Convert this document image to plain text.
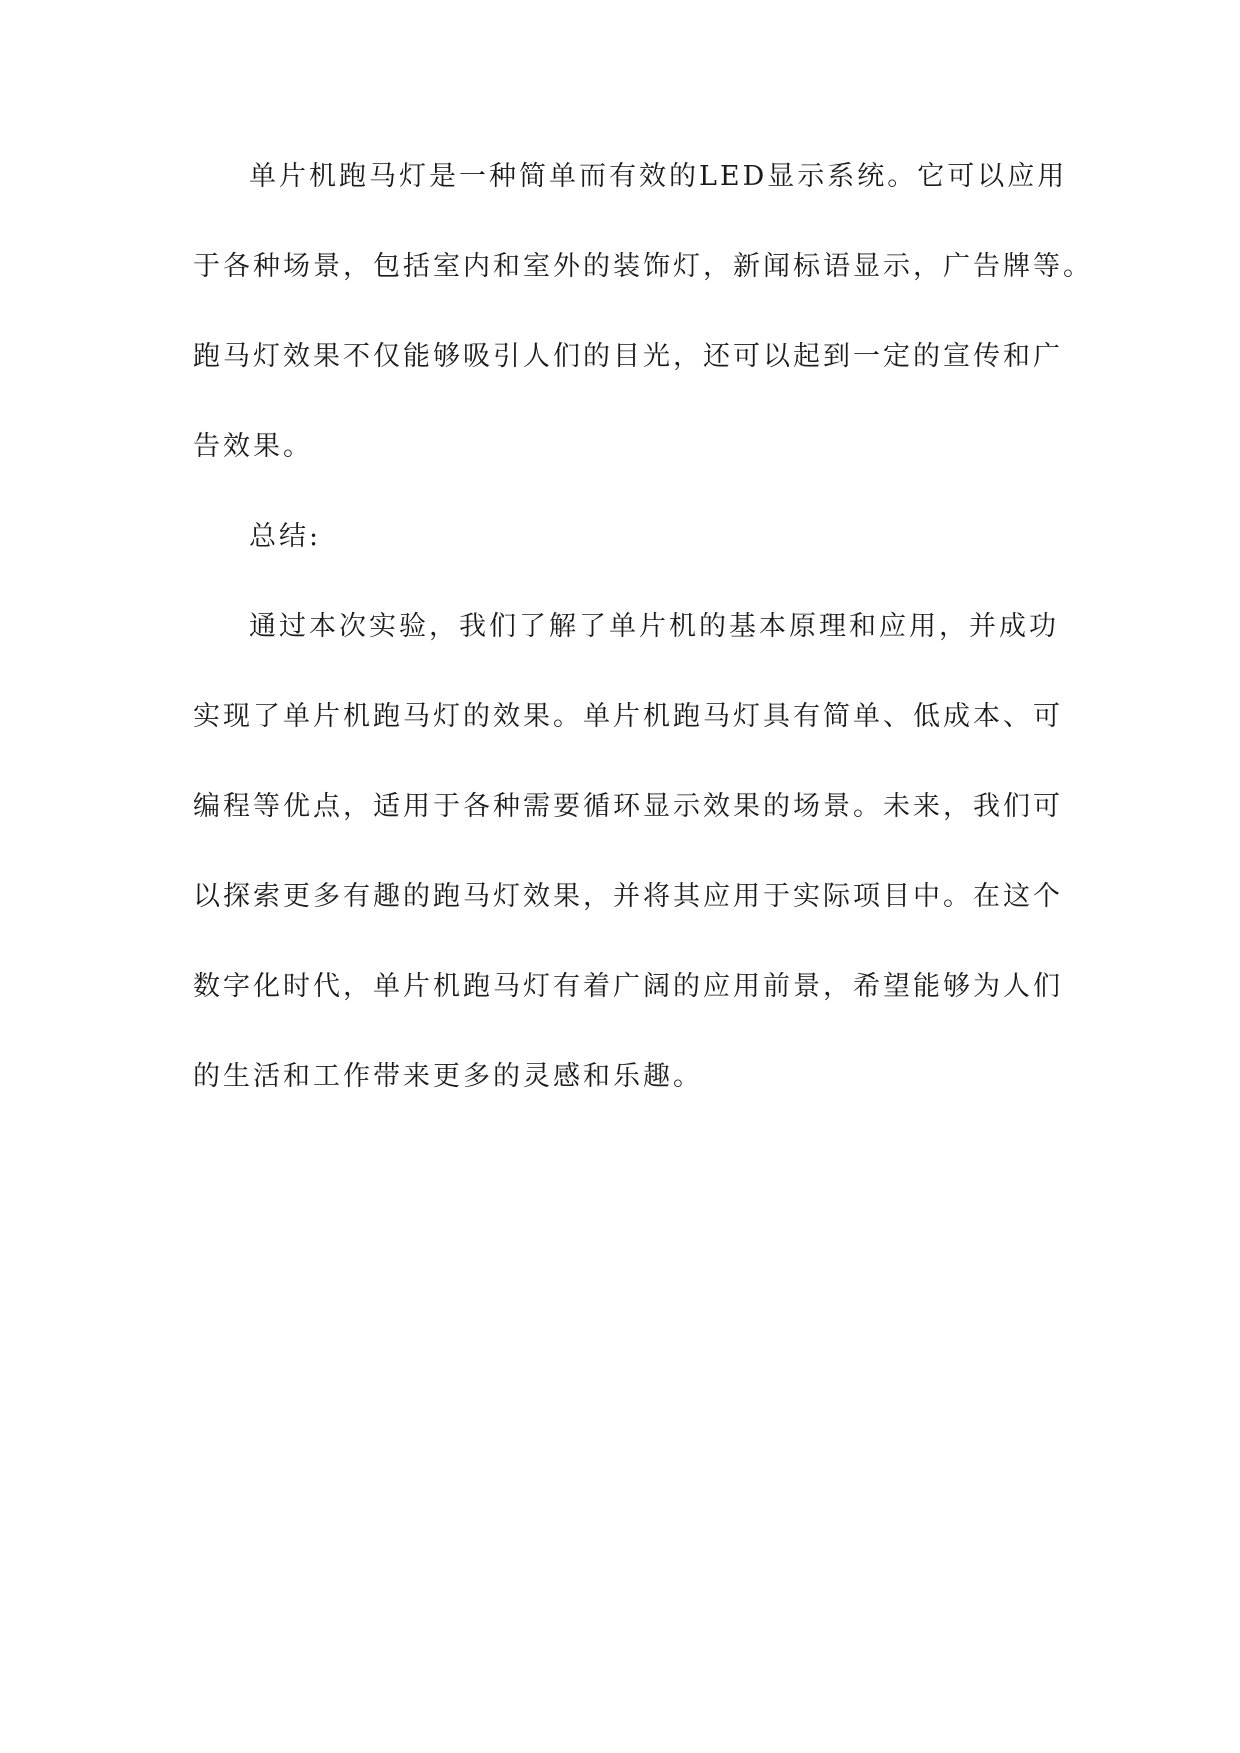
单片机跑马灯是一种简单而有效的LED显示系统。它可以应用
于各种场景，包括室内和室外的装饰灯，新闻标语显示，广告牌等。
跑马灯效果不仅能够吸引人们的目光，还可以起到一定的宣传和广
告效果。
总结:
通过本次实验，我们了解了单片机的基本原理和应用，并成功
实现了单片机跑马灯的效果。单片机跑马灯具有简单、低成本、可
编程等优点，适用于各种需要循环显示效果的场景。未来，我们可
以探索更多有趣的跑马灯效果，并将其应用于实际项目中。在这个
数字化时代，单片机跑马灯有着广阔的应用前景，希望能够为人们
的生活和工作带来更多的灵感和乐趣。
